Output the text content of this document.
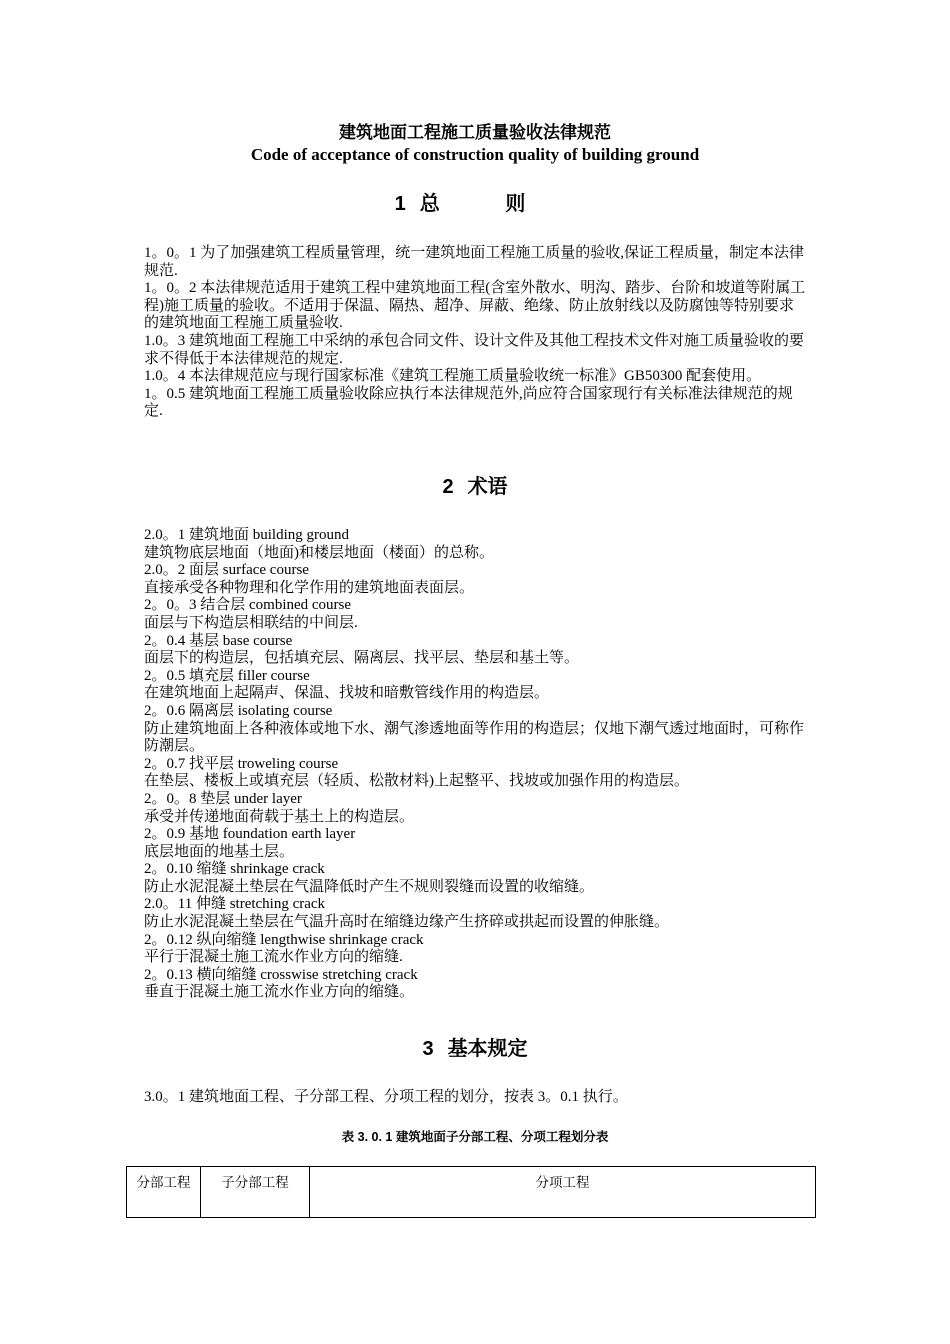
建筑地面工程施工质量验收法律规范
Code of acceptance of construction quality of building ground
1 总 则

1。0。1 为了加强建筑工程质量管理，统一建筑地面工程施工质量的验收,保证工程质量，制定本法律规范.

1。0。2 本法律规范适用于建筑工程中建筑地面工程(含室外散水、明沟、踏步、台阶和坡道等附属工程)施工质量的验收。不适用于保温、隔热、超净、屏蔽、绝缘、防止放射线以及防腐蚀等特别要求的建筑地面工程施工质量验收.

1.0。3 建筑地面工程施工中采纳的承包合同文件、设计文件及其他工程技术文件对施工质量验收的要求不得低于本法律规范的规定.

1.0。4 本法律规范应与现行国家标准《建筑工程施工质量验收统一标准》GB50300 配套使用。

1。0.5 建筑地面工程施工质量验收除应执行本法律规范外,尚应符合国家现行有关标准法律规范的规定.

2 术语

2.0。1 建筑地面 building ground

建筑物底层地面（地面)和楼层地面（楼面）的总称。

2.0。2 面层 surface course

直接承受各种物理和化学作用的建筑地面表面层。

2。0。3 结合层 combined course

面层与下构造层相联结的中间层.

2。0.4 基层 base course

面层下的构造层，包括填充层、隔离层、找平层、垫层和基土等。

2。0.5 填充层 filler course

在建筑地面上起隔声、保温、找坡和暗敷管线作用的构造层。

2。0.6 隔离层 isolating course

防止建筑地面上各种液体或地下水、潮气渗透地面等作用的构造层；仅地下潮气透过地面时，可称作防潮层。

2。0.7 找平层 troweling course

在垫层、楼板上或填充层（轻质、松散材料)上起整平、找坡或加强作用的构造层。

2。0。8 垫层 under layer

承受并传递地面荷载于基土上的构造层。

2。0.9 基地 foundation earth layer

底层地面的地基土层。

2。0.10 缩缝 shrinkage crack

防止水泥混凝土垫层在气温降低时产生不规则裂缝而设置的收缩缝。

2.0。11 伸缝 stretching crack

防止水泥混凝土垫层在气温升高时在缩缝边缘产生挤碎或拱起而设置的伸胀缝。

2。0.12 纵向缩缝 lengthwise shrinkage crack

平行于混凝土施工流水作业方向的缩缝.

2。0.13 横向缩缝 crosswise stretching crack

垂直于混凝土施工流水作业方向的缩缝。

3 基本规定

3.0。1 建筑地面工程、子分部工程、分项工程的划分，按表 3。0.1 执行。

表 3. 0. 1 建筑地面子分部工程、分项工程划分表
分部工程	子分部工程	分项工程
